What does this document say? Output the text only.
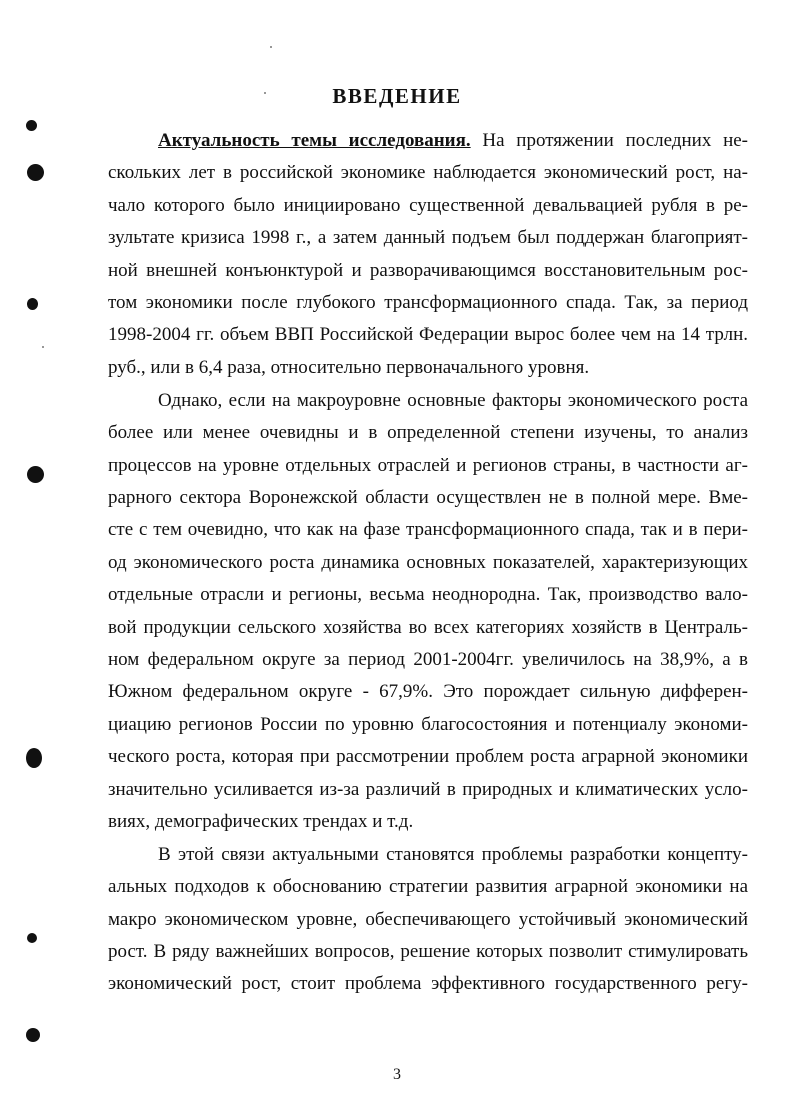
ВВЕДЕНИЕ

Актуальность темы исследования. На протяжении последних не-

скольких лет в российской экономике наблюдается экономический рост, на-

чало которого было инициировано существенной девальвацией рубля в ре-

зультате кризиса 1998 г., а затем данный подъем был поддержан благоприят-

ной внешней конъюнктурой и разворачивающимся восстановительным рос-

том экономики после глубокого трансформационного спада. Так, за период

1998-2004 гг. объем ВВП Российской Федерации вырос более чем на 14 трлн.

руб., или в 6,4 раза, относительно первоначального уровня.

Однако, если на макроуровне основные факторы экономического роста

более или менее очевидны и в определенной степени изучены, то анализ

процессов на уровне отдельных отраслей и регионов страны, в частности аг-

рарного сектора Воронежской области осуществлен не в полной мере. Вме-

сте с тем очевидно, что как на фазе трансформационного спада, так и в пери-

од экономического роста динамика основных показателей, характеризующих

отдельные отрасли и регионы, весьма неоднородна. Так, производство вало-

вой продукции сельского хозяйства во всех категориях хозяйств в Централь-

ном федеральном округе за период 2001-2004гг. увеличилось на 38,9%, а в

Южном федеральном округе - 67,9%. Это порождает сильную дифферен-

циацию регионов России по уровню благосостояния и потенциалу экономи-

ческого роста, которая при рассмотрении проблем роста аграрной экономики

значительно усиливается из-за различий в природных и климатических усло-

виях, демографических трендах и т.д.

В этой связи актуальными становятся проблемы разработки концепту-

альных подходов к обоснованию стратегии развития аграрной экономики на

макро экономическом уровне, обеспечивающего устойчивый экономический

рост. В ряду важнейших вопросов, решение которых позволит стимулировать

экономический рост, стоит проблема эффективного государственного регу-

3
